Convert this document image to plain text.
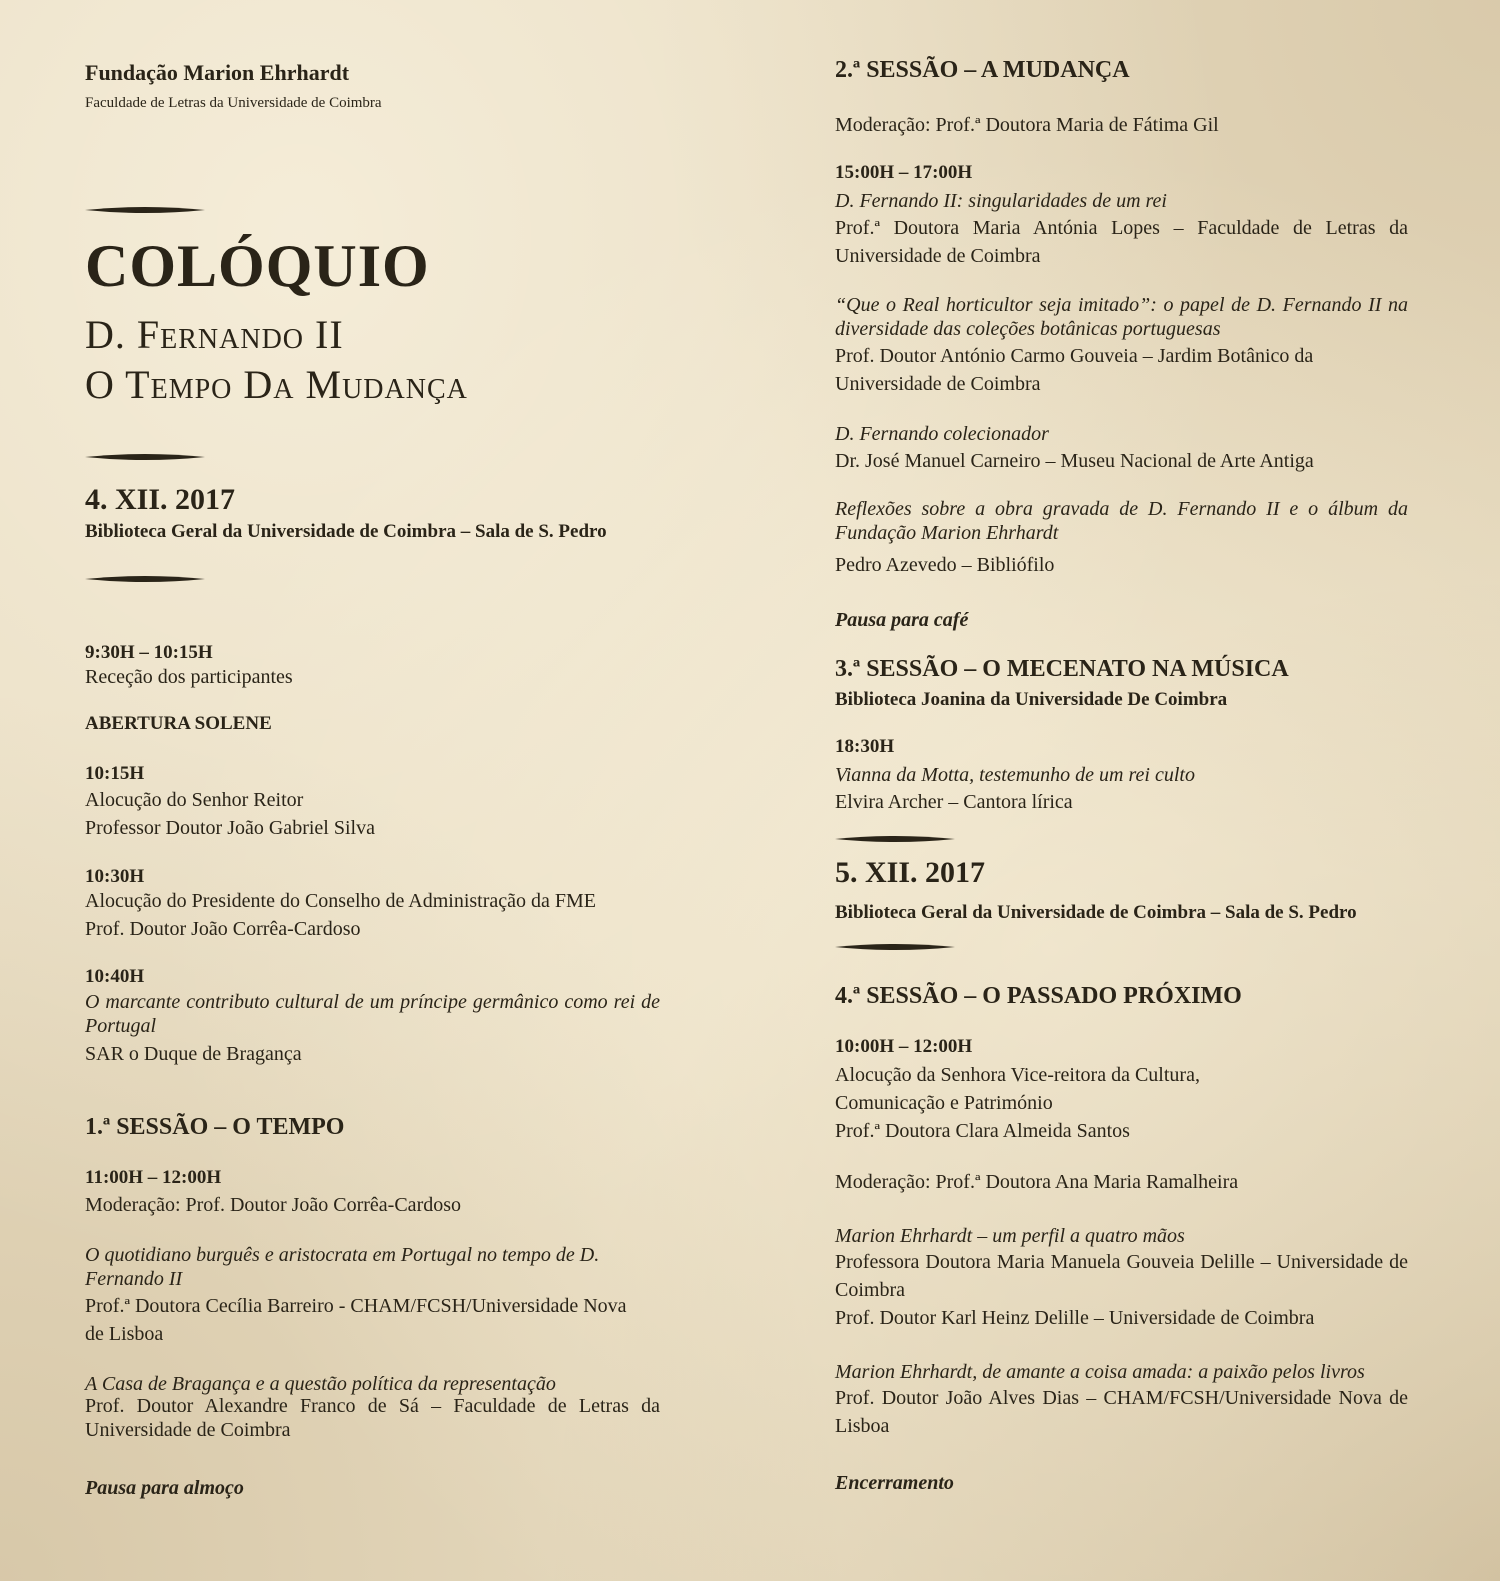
Fundação Marion Ehrhardt
Faculdade de Letras da Universidade de Coimbra
COLÓQUIO
D. Fernando II
O Tempo Da Mudança
4. XII. 2017
Biblioteca Geral da Universidade de Coimbra – Sala de S. Pedro
9:30H – 10:15H
Receção dos participantes
ABERTURA SOLENE
10:15H
Alocução do Senhor Reitor
Professor Doutor João Gabriel Silva
10:30H
Alocução do Presidente do Conselho de Administração da FME
Prof. Doutor João Corrêa-Cardoso
10:40H
O marcante contributo cultural de um príncipe germânico como rei de Portugal
SAR o Duque de Bragança
1.ª SESSÃO – O TEMPO
11:00H – 12:00H
Moderação: Prof. Doutor João Corrêa-Cardoso
O quotidiano burguês e aristocrata em Portugal no tempo de D. Fernando II
Prof.ª Doutora Cecília Barreiro - CHAM/FCSH/Universidade Nova de Lisboa
A Casa de Bragança e a questão política da representação
Prof. Doutor Alexandre Franco de Sá – Faculdade de Letras da Universidade de Coimbra
Pausa para almoço
2.ª SESSÃO – A MUDANÇA
Moderação: Prof.ª Doutora Maria de Fátima Gil
15:00H – 17:00H
D. Fernando II: singularidades de um rei
Prof.ª Doutora Maria Antónia Lopes – Faculdade de Letras da Universidade de Coimbra
“Que o Real horticultor seja imitado”: o papel de D. Fernando II na diversidade das coleções botânicas portuguesas
Prof. Doutor António Carmo Gouveia – Jardim Botânico da Universidade de Coimbra
D. Fernando colecionador
Dr. José Manuel Carneiro – Museu Nacional de Arte Antiga
Reflexões sobre a obra gravada de D. Fernando II e o álbum da Fundação Marion Ehrhardt
Pedro Azevedo – Bibliófilo
Pausa para café
3.ª SESSÃO – O MECENATO NA MÚSICA
Biblioteca Joanina da Universidade De Coimbra
18:30H
Vianna da Motta, testemunho de um rei culto
Elvira Archer – Cantora lírica
5. XII. 2017
Biblioteca Geral da Universidade de Coimbra – Sala de S. Pedro
4.ª SESSÃO – O PASSADO PRÓXIMO
10:00H – 12:00H
Alocução da Senhora Vice-reitora da Cultura,
Comunicação e Património
Prof.ª Doutora Clara Almeida Santos
Moderação: Prof.ª Doutora Ana Maria Ramalheira
Marion Ehrhardt – um perfil a quatro mãos
Professora Doutora Maria Manuela Gouveia Delille – Universidade de Coimbra
Prof. Doutor Karl Heinz Delille – Universidade de Coimbra
Marion Ehrhardt, de amante a coisa amada: a paixão pelos livros
Prof. Doutor João Alves Dias – CHAM/FCSH/Universidade Nova de Lisboa
Encerramento
